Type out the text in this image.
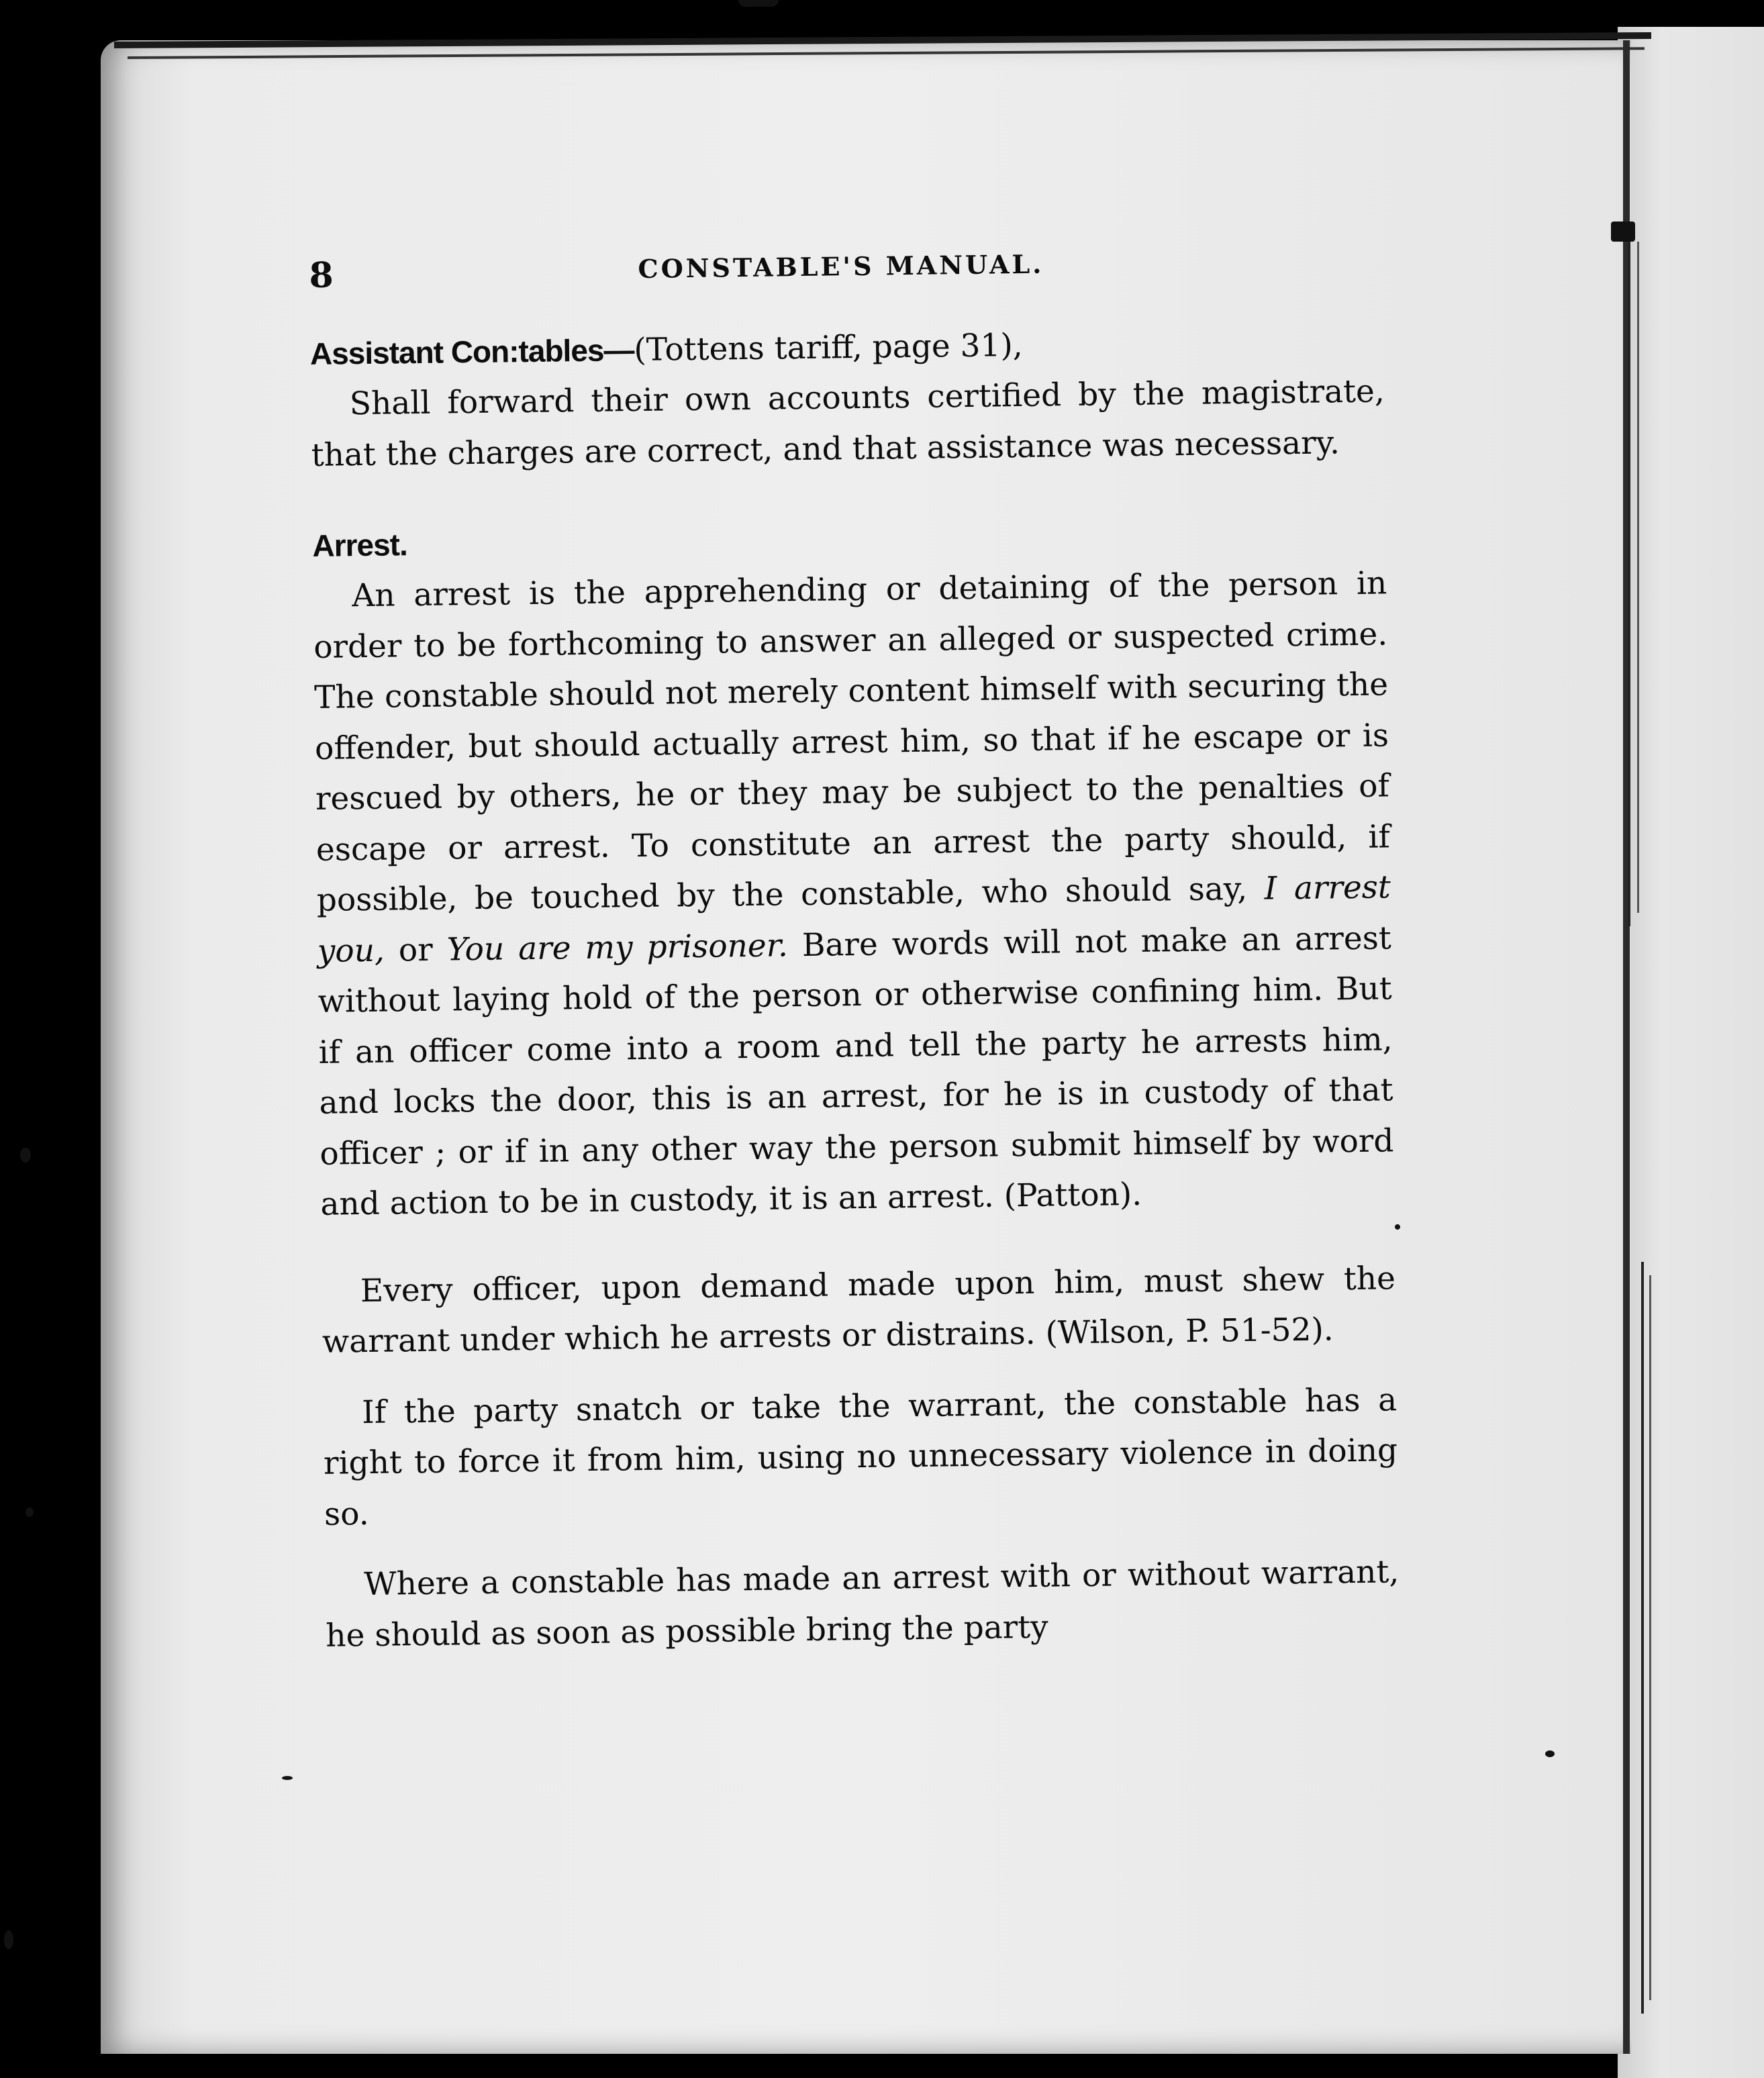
8	CONSTABLE'S MANUAL.
Assistant Con:tables—(Tottens tariff, page 31),

Shall forward their own accounts certified by the magistrate, that the charges are correct, and that assistance was necessary.

Arrest.

An arrest is the apprehending or detaining of the person in order to be forthcoming to answer an alleged or suspected crime. The constable should not merely content himself with securing the offender, but should actually arrest him, so that if he escape or is rescued by others, he or they may be subject to the penalties of escape or arrest. To constitute an arrest the party should, if possible, be touched by the constable, who should say, I arrest you, or You are my prisoner. Bare words will not make an arrest without laying hold of the person or otherwise confining him. But if an officer come into a room and tell the party he arrests him, and locks the door, this is an arrest, for he is in custody of that officer ; or if in any other way the person submit himself by word and action to be in custody, it is an arrest. (Patton).

Every officer, upon demand made upon him, must shew the warrant under which he arrests or distrains. (Wilson, P. 51-52).

If the party snatch or take the warrant, the constable has a right to force it from him, using no unnecessary violence in doing so.

Where a constable has made an arrest with or without warrant, he should as soon as possible bring the party
